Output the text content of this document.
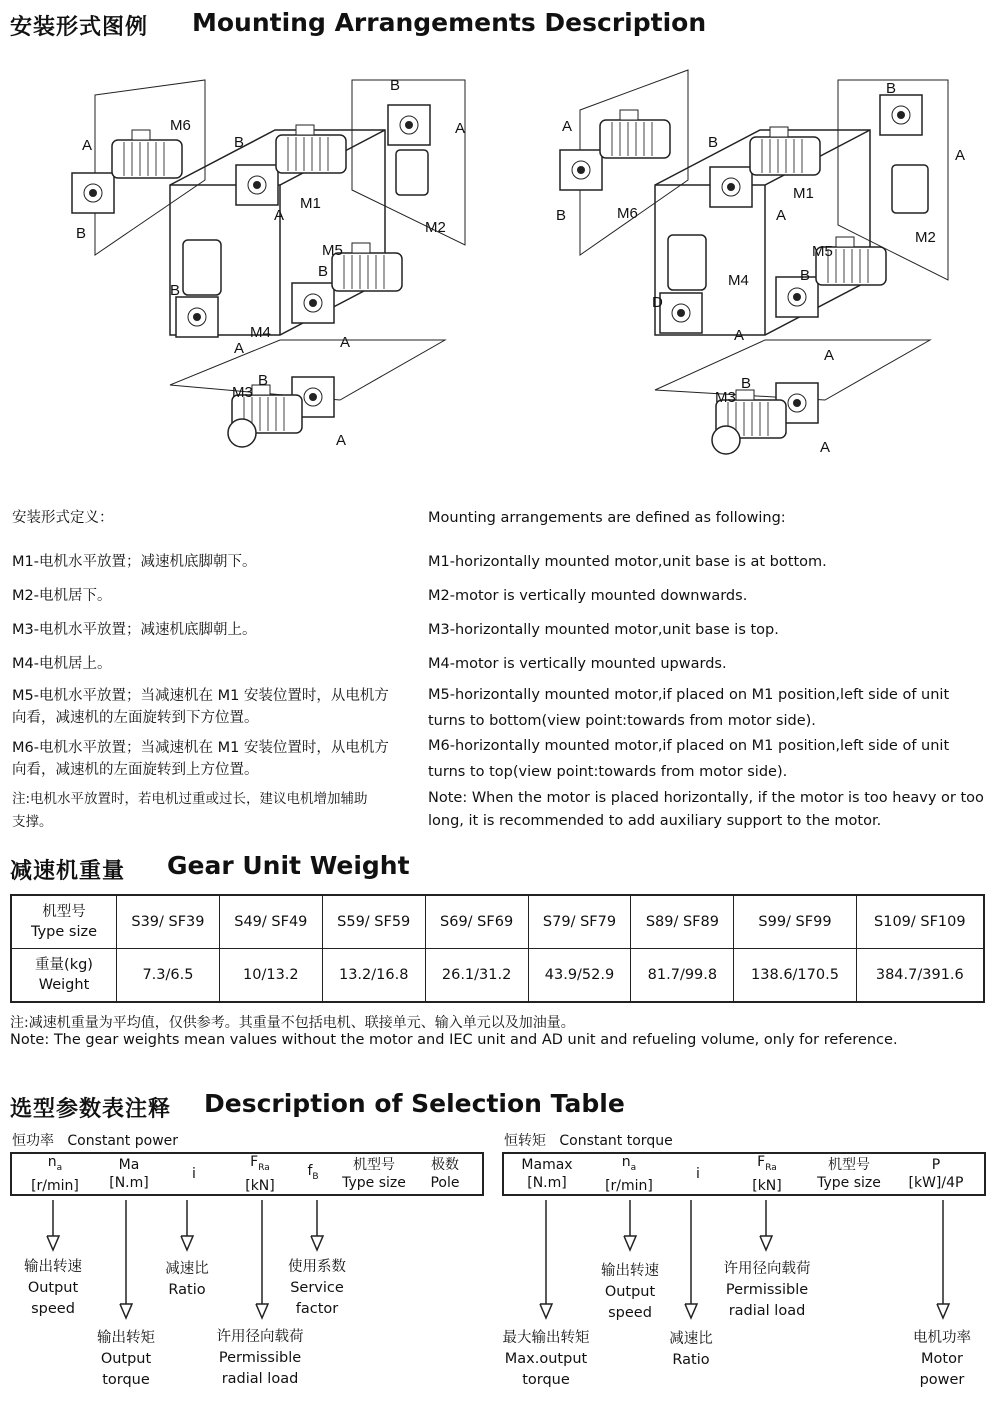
安装形式图例 Mounting Arrangements Description
A
M6
B
B
A
M1
B
A
M2
M5
B
A
B
M4
A
M3
B
A
A
M6
B
B
A
M1
B
A
M2
M5
B
A
M4
D
A
M3
B
A
安装形式定义：	Mounting arrangements are defined as following:
M1-电机水平放置；减速机底脚朝下。	M1-horizontally mounted motor,unit base is at bottom.
M2-电机居下。	M2-motor is vertically mounted downwards.
M3-电机水平放置；减速机底脚朝上。	M3-horizontally mounted motor,unit base is top.
M4-电机居上。	M4-motor is vertically mounted upwards.
M5-电机水平放置；当减速机在 M1 安装位置时，从电机方
向看，减速机的左面旋转到下方位置。
M5-horizontally mounted motor,if placed on M1 position,left side of unit
turns to bottom(view point:towards from motor side).
M6-电机水平放置；当减速机在 M1 安装位置时，从电机方
向看，减速机的左面旋转到上方位置。
M6-horizontally mounted motor,if placed on M1 position,left side of unit
turns to top(view point:towards from motor side).
注:电机水平放置时，若电机过重或过长，建议电机增加辅助
支撑。
Note: When the motor is placed horizontally, if the motor is too heavy or too
long, it is recommended to add auxiliary support to the motor.
减速机重量 Gear Unit Weight
机型号
Type size	S39/ SF39	S49/ SF49	S59/ SF59	S69/ SF69	S79/ SF79	S89/ SF89	S99/ SF99	S109/ SF109

重量(kg)
Weight	7.3/6.5	10/13.2	13.2/16.8	26.1/31.2	43.9/52.9	81.7/99.8	138.6/170.5	384.7/391.6
注:减速机重量为平均值，仅供参考。其重量不包括电机、联接单元、输入单元以及加油量。
Note: The gear weights mean values without the motor and IEC unit and AD unit and refueling volume, only for reference.
选型参数表注释 Description of Selection Table
恒功率 Constant power
$n_a$
[r/min]
Ma
[N.m]
i
$F_{Ra}$
[kN]
$f_B$
机型号
Type size
极数
Pole
恒转矩 Constant torque
Mamax
[N.m]
$n_a$
[r/min]
i
$F_{Ra}$
[kN]
机型号
Type size
P
[kW]/4P
输出转速
Output
speed
输出转矩
Output
torque
减速比
Ratio
许用径向载荷
Permissible
radial load
使用系数
Service
factor
最大输出转矩
Max.output
torque
输出转速
Output
speed
减速比
Ratio
许用径向载荷
Permissible
radial load
电机功率
Motor
power
